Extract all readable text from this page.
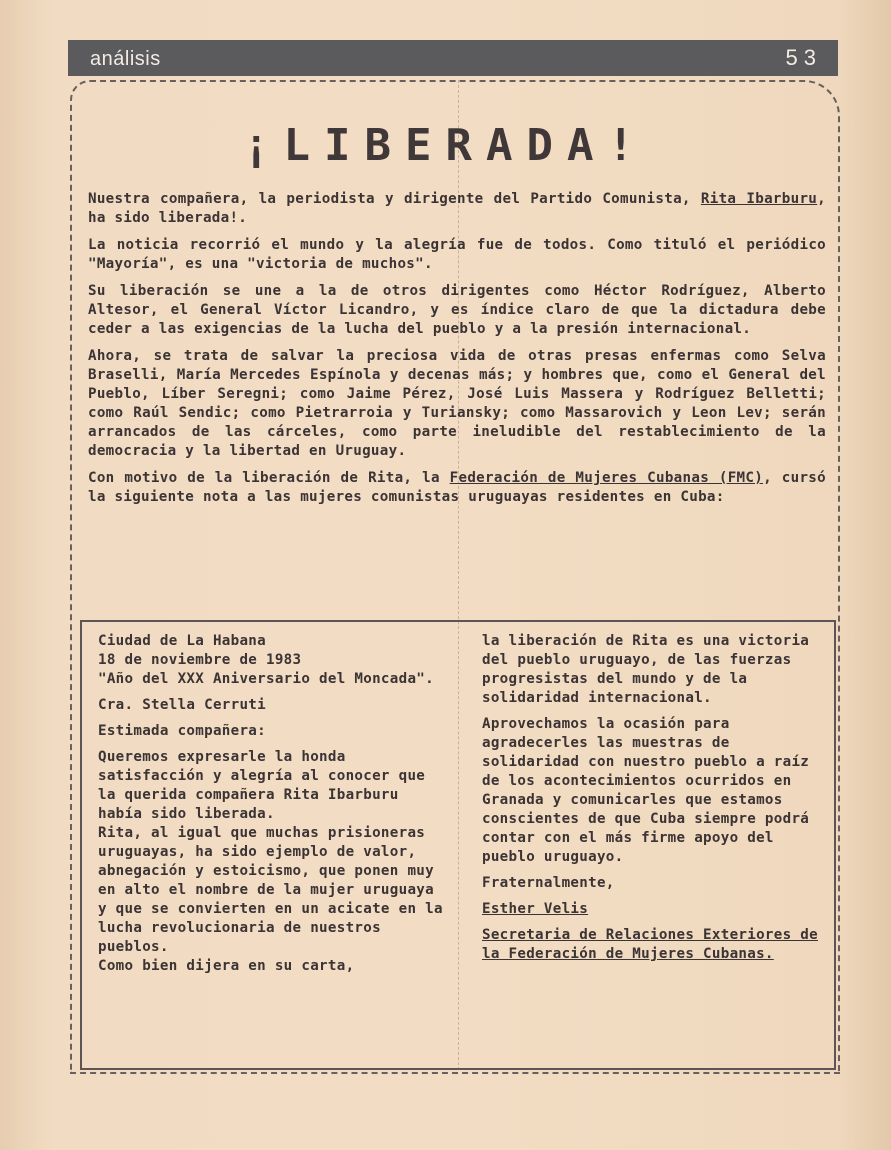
análisis	53
¡LIBERADA!

Nuestra compañera, la periodista y dirigente del Partido Comunista, Rita Ibarburu, ha sido liberada!.

La noticia recorrió el mundo y la alegría fue de todos. Como tituló el periódico "Mayoría", es una "victoria de muchos".

Su liberación se une a la de otros dirigentes como Héctor Rodríguez, Alberto Altesor, el General Víctor Licandro, y es índice claro de que la dictadura debe ceder a las exigencias de la lucha del pueblo y a la presión internacional.

Ahora, se trata de salvar la preciosa vida de otras presas enfermas como Selva Braselli, María Mercedes Espínola y decenas más; y hombres que, como el General del Pueblo, Líber Seregni; como Jaime Pérez, José Luis Massera y Rodríguez Belletti; como Raúl Sendic; como Pietrarroia y Turiansky; como Massarovich y Leon Lev; serán arrancados de las cárceles, como parte ineludible del restablecimiento de la democracia y la libertad en Uruguay.

Con motivo de la liberación de Rita, la Federación de Mujeres Cubanas (FMC), cursó la siguiente nota a las mujeres comunistas uruguayas residentes en Cuba:

Ciudad de La Habana
18 de noviembre de 1983

"Año del XXX Aniversario del Moncada".

Cra. Stella Cerruti

Estimada compañera:

Queremos expresarle la honda satisfacción y alegría al conocer que la querida compañera Rita Ibarburu había sido liberada.

Rita, al igual que muchas prisioneras uruguayas, ha sido ejemplo de valor, abnegación y estoicismo, que ponen muy en alto el nombre de la mujer uruguaya y que se convierten en un acicate en la lucha revolucionaria de nuestros pueblos.

Como bien dijera en su carta,

la liberación de Rita es una victoria del pueblo uruguayo, de las fuerzas progresistas del mundo y de la solidaridad internacional.

Aprovechamos la ocasión para agradecerles las muestras de solidaridad con nuestro pueblo a raíz de los acontecimientos ocurridos en Granada y comunicarles que estamos conscientes de que Cuba siempre podrá contar con el más firme apoyo del pueblo uruguayo.

Fraternalmente,

Esther Velis

Secretaria de Relaciones Exteriores de la Federación de Mujeres Cubanas.
